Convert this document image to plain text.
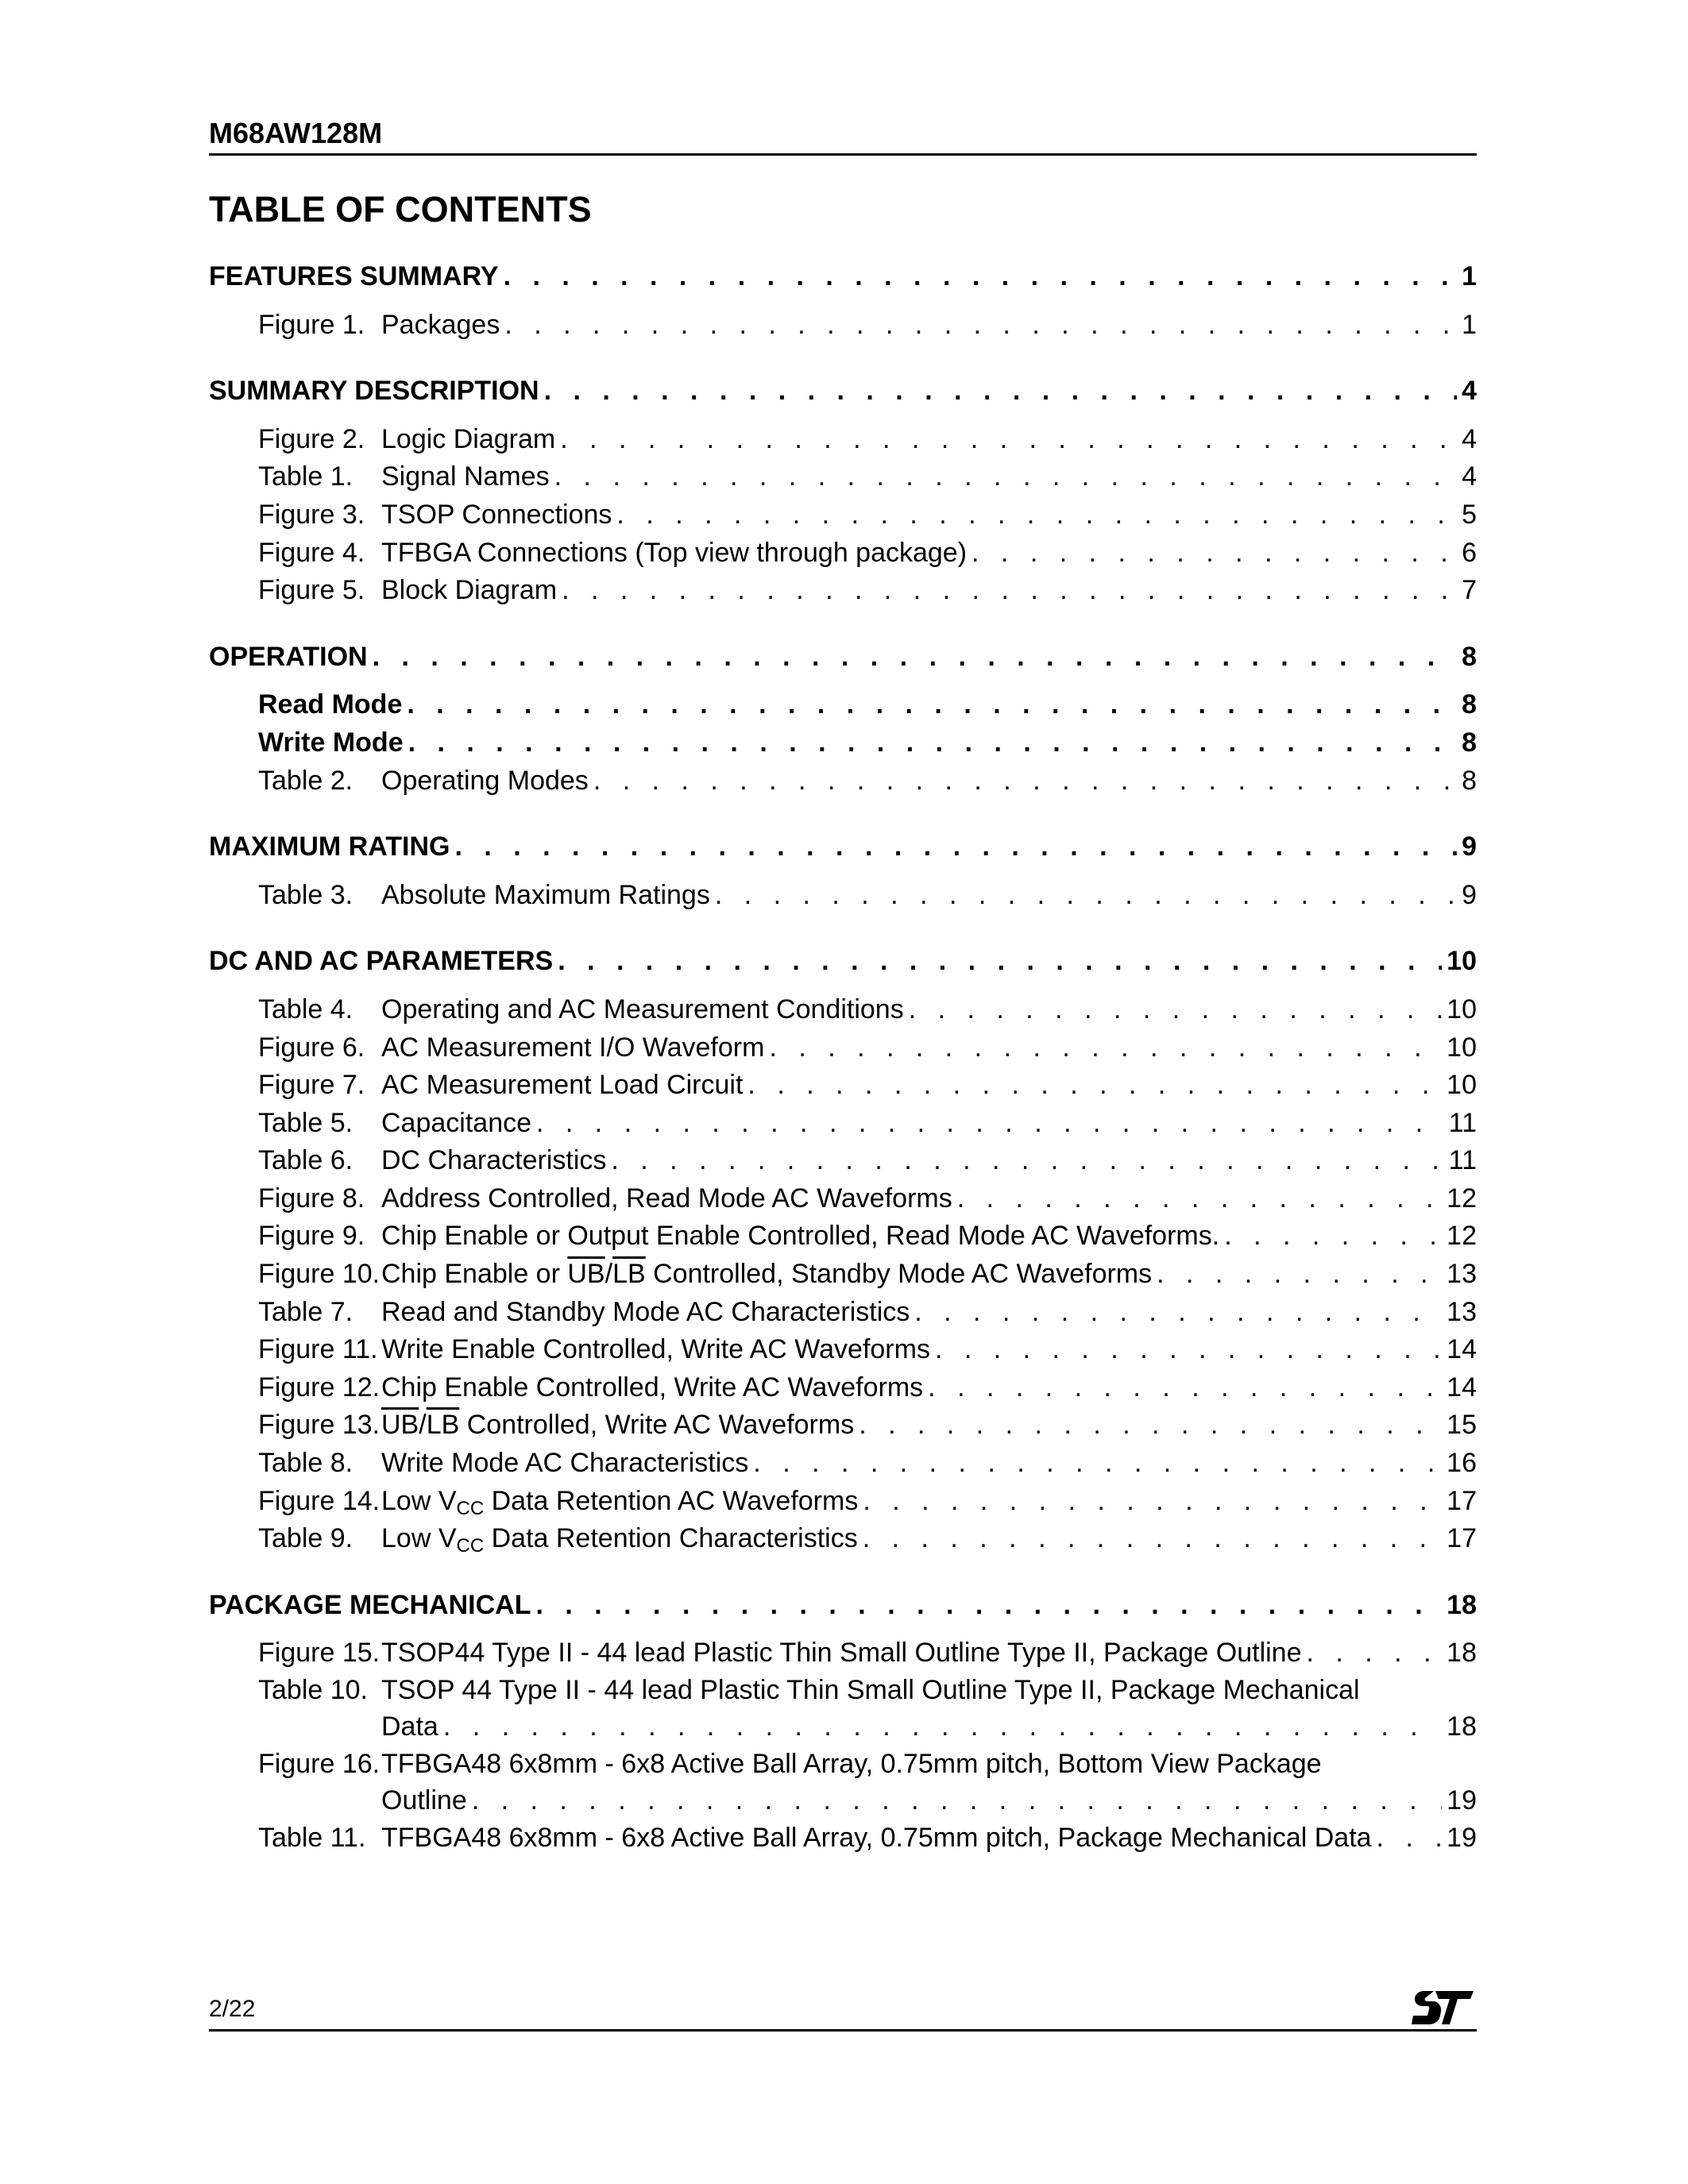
M68AW128M
TABLE OF CONTENTS
FEATURES SUMMARY . . .	1
Figure 1. Packages . . .	1
SUMMARY DESCRIPTION . . .	4
Figure 2. Logic Diagram . . .	4
Table 1.	Signal Names . . .	4
Figure 3. TSOP Connections . . .	5
Figure 4. TFBGA Connections (Top view through package) . . .	6
Figure 5. Block Diagram . . .	7
OPERATION . . .	8
Read Mode . . .	8
Write Mode . . .	8
Table 2.	Operating Modes . . .	8
MAXIMUM RATING . . .	9
Table 3.	Absolute Maximum Ratings . . .	9
DC AND AC PARAMETERS . . .	10
Table 4.	Operating and AC Measurement Conditions . . .	10
Figure 6. AC Measurement I/O Waveform . . .	10
Figure 7. AC Measurement Load Circuit . . .	10
Table 5.	Capacitance . . .	11
Table 6.	DC Characteristics . . .	11
Figure 8. Address Controlled, Read Mode AC Waveforms . . .	12
Figure 9. Chip Enable or Output Enable Controlled, Read Mode AC Waveforms. . . .	12
Figure 10. Chip Enable or $\overline{UB}/\overline{LB}$ Controlled, Standby Mode AC Waveforms . . .	13
Table 7.	Read and Standby Mode AC Characteristics . . .	13
Figure 11. Write Enable Controlled, Write AC Waveforms . . .	14
Figure 12. Chip Enable Controlled, Write AC Waveforms . . .	14
Figure 13. $\overline{UB}/\overline{LB}$ Controlled, Write AC Waveforms . . .	15
Table 8.	Write Mode AC Characteristics . . .	16
Figure 14. Low $V_{CC}$ Data Retention AC Waveforms . . .	17
Table 9.	Low $V_{CC}$ Data Retention Characteristics . . .	17
PACKAGE MECHANICAL . . .	18
Figure 15. TSOP44 Type II - 44 lead Plastic Thin Small Outline Type II, Package Outline . . .	18
Table 10. TSOP 44 Type II - 44 lead Plastic Thin Small Outline Type II, Package Mechanical
Data . . .	18
Figure 16. TFBGA48 6x8mm - 6x8 Active Ball Array, 0.75mm pitch, Bottom View Package
Outline . . .	19
Table 11. TFBGA48 6x8mm - 6x8 Active Ball Array, 0.75mm pitch, Package Mechanical Data . . .	19
2/22
